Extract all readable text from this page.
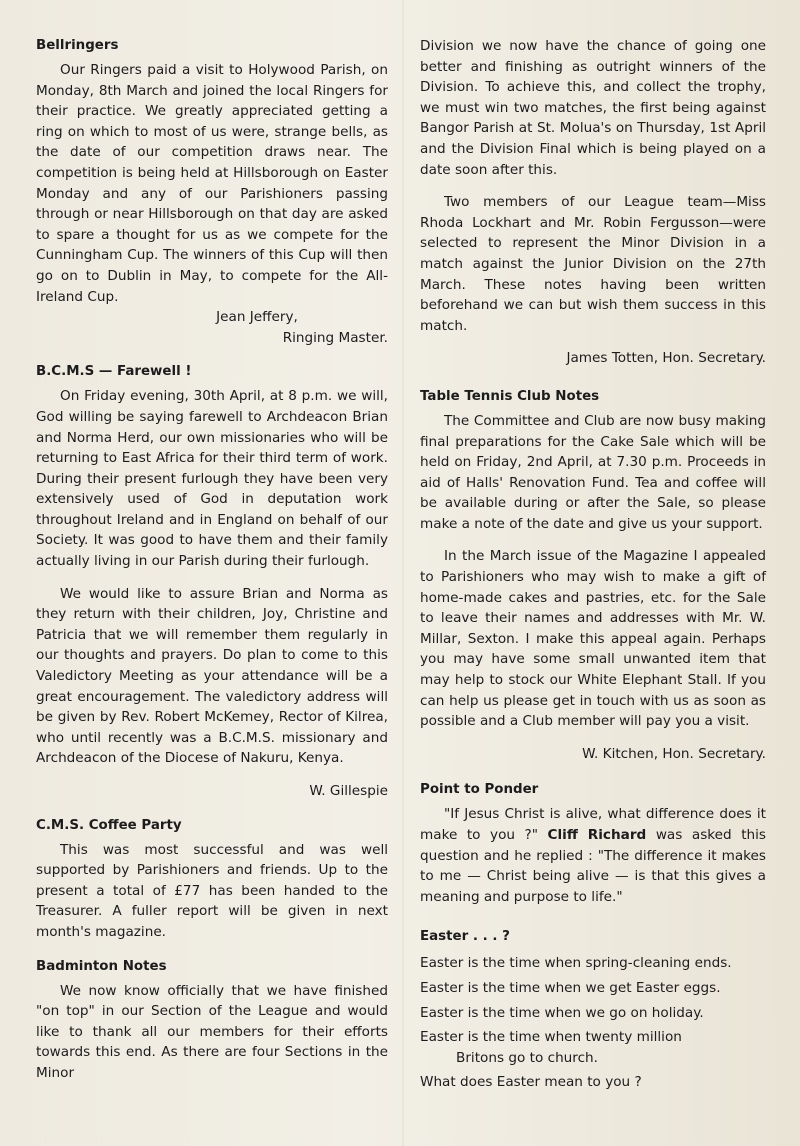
Bellringers

Our Ringers paid a visit to Holywood Parish, on Monday, 8th March and joined the local Ringers for their practice. We greatly appreciated getting a ring on which to most of us were, strange bells, as the date of our competition draws near. The competition is being held at Hillsborough on Easter Monday and any of our Parishioners passing through or near Hillsborough on that day are asked to spare a thought for us as we compete for the Cunningham Cup. The winners of this Cup will then go on to Dublin in May, to compete for the All-Ireland Cup.

Jean Jeffery,

Ringing Master.

B.C.M.S — Farewell !

On Friday evening, 30th April, at 8 p.m. we will, God willing be saying farewell to Archdeacon Brian and Norma Herd, our own missionaries who will be returning to East Africa for their third term of work. During their present furlough they have been very extensively used of God in deputation work throughout Ireland and in England on behalf of our Society. It was good to have them and their family actually living in our Parish during their furlough.

We would like to assure Brian and Norma as they return with their children, Joy, Christine and Patricia that we will remember them regularly in our thoughts and prayers. Do plan to come to this Valedictory Meeting as your attendance will be a great encouragement. The valedictory address will be given by Rev. Robert McKemey, Rector of Kilrea, who until recently was a B.C.M.S. missionary and Archdeacon of the Diocese of Nakuru, Kenya.

W. Gillespie

C.M.S. Coffee Party

This was most successful and was well supported by Parishioners and friends. Up to the present a total of £77 has been handed to the Treasurer. A fuller report will be given in next month's magazine.

Badminton Notes

We now know officially that we have finished "on top" in our Section of the League and would like to thank all our members for their efforts towards this end. As there are four Sections in the Minor

Division we now have the chance of going one better and finishing as outright winners of the Division. To achieve this, and collect the trophy, we must win two matches, the first being against Bangor Parish at St. Molua's on Thursday, 1st April and the Division Final which is being played on a date soon after this.

Two members of our League team—Miss Rhoda Lockhart and Mr. Robin Fergusson—were selected to represent the Minor Division in a match against the Junior Division on the 27th March. These notes having been written beforehand we can but wish them success in this match.

James Totten, Hon. Secretary.

Table Tennis Club Notes

The Committee and Club are now busy making final preparations for the Cake Sale which will be held on Friday, 2nd April, at 7.30 p.m. Proceeds in aid of Halls' Renovation Fund. Tea and coffee will be available during or after the Sale, so please make a note of the date and give us your support.

In the March issue of the Magazine I appealed to Parishioners who may wish to make a gift of home-made cakes and pastries, etc. for the Sale to leave their names and addresses with Mr. W. Millar, Sexton. I make this appeal again. Perhaps you may have some small unwanted item that may help to stock our White Elephant Stall. If you can help us please get in touch with us as soon as possible and a Club member will pay you a visit.

W. Kitchen, Hon. Secretary.

Point to Ponder

"If Jesus Christ is alive, what difference does it make to you ?" Cliff Richard was asked this question and he replied : "The difference it makes to me — Christ being alive — is that this gives a meaning and purpose to life."

Easter . . . ?

Easter is the time when spring-cleaning ends.

Easter is the time when we get Easter eggs.

Easter is the time when we go on holiday.

Easter is the time when twenty million

Britons go to church.

What does Easter mean to you ?
